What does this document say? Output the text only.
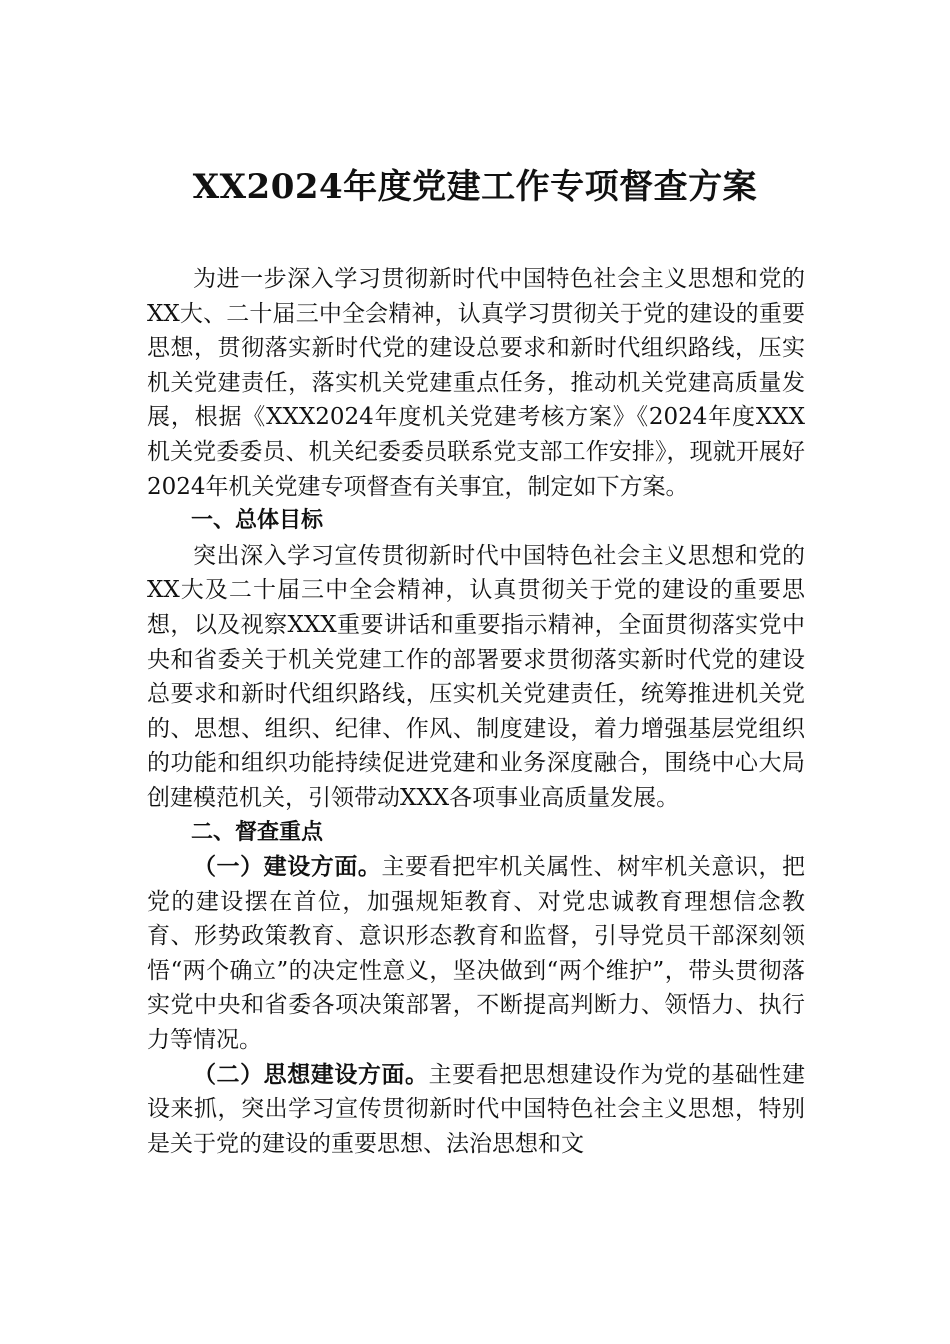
XX2024年度党建工作专项督查方案

为进一步深入学习贯彻新时代中国特色社会主义思想和党的XX大、二十届三中全会精神，认真学习贯彻关于党的建设的重要思想，贯彻落实新时代党的建设总要求和新时代组织路线，压实机关党建责任，落实机关党建重点任务，推动机关党建高质量发展，根据《XXX2024年度机关党建考核方案》《2024年度XXX机关党委委员、机关纪委委员联系党支部工作安排》，现就开展好2024年机关党建专项督查有关事宜，制定如下方案。

一、总体目标

突出深入学习宣传贯彻新时代中国特色社会主义思想和党的XX大及二十届三中全会精神，认真贯彻关于党的建设的重要思想，以及视察XXX重要讲话和重要指示精神，全面贯彻落实党中央和省委关于机关党建工作的部署要求贯彻落实新时代党的建设总要求和新时代组织路线，压实机关党建责任，统筹推进机关党的、思想、组织、纪律、作风、制度建设，着力增强基层党组织的功能和组织功能持续促进党建和业务深度融合，围绕中心大局创建模范机关，引领带动XXX各项事业高质量发展。

二、督查重点

（一）建设方面。主要看把牢机关属性、树牢机关意识，把党的建设摆在首位，加强规矩教育、对党忠诚教育理想信念教育、形势政策教育、意识形态教育和监督，引导党员干部深刻领悟“两个确立”的决定性意义，坚决做到“两个维护”，带头贯彻落实党中央和省委各项决策部署，不断提高判断力、领悟力、执行力等情况。

（二）思想建设方面。主要看把思想建设作为党的基础性建设来抓，突出学习宣传贯彻新时代中国特色社会主义思想，特别是关于党的建设的重要思想、法治思想和文
